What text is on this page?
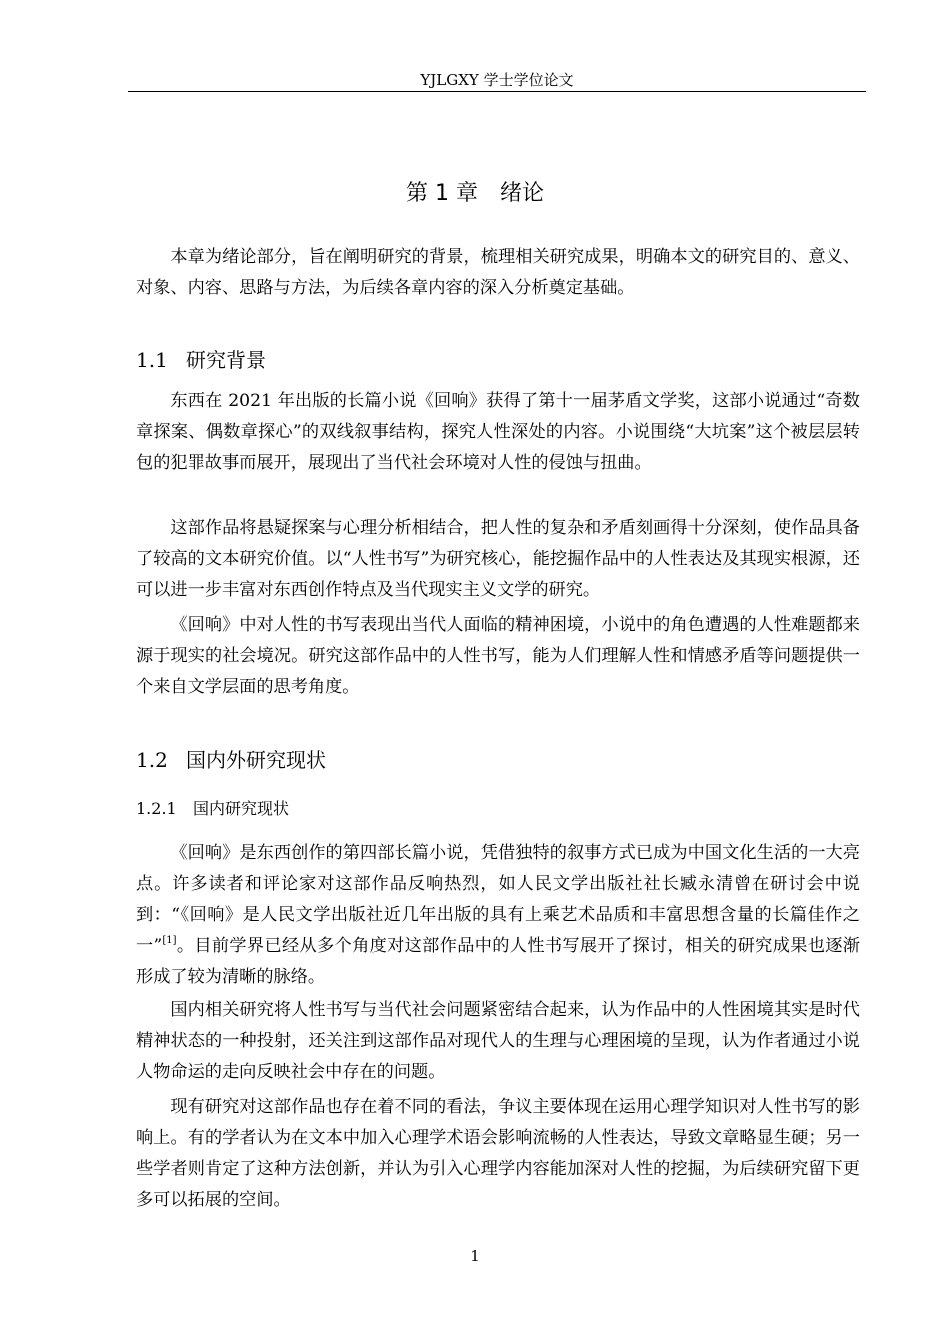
YJLGXY 学士学位论文
第 1 章 绪论

本章为绪论部分，旨在阐明研究的背景，梳理相关研究成果，明确本文的研究目的、意义、对象、内容、思路与方法，为后续各章内容的深入分析奠定基础。

1.1 研究背景

东西在 2021 年出版的长篇小说《回响》获得了第十一届茅盾文学奖，这部小说通过“奇数章探案、偶数章探心”的双线叙事结构，探究人性深处的内容。小说围绕“大坑案”这个被层层转包的犯罪故事而展开，展现出了当代社会环境对人性的侵蚀与扭曲。

这部作品将悬疑探案与心理分析相结合，把人性的复杂和矛盾刻画得十分深刻，使作品具备了较高的文本研究价值。以“人性书写”为研究核心，能挖掘作品中的人性表达及其现实根源，还可以进一步丰富对东西创作特点及当代现实主义文学的研究。

《回响》中对人性的书写表现出当代人面临的精神困境，小说中的角色遭遇的人性难题都来源于现实的社会境况。研究这部作品中的人性书写，能为人们理解人性和情感矛盾等问题提供一个来自文学层面的思考角度。

1.2 国内外研究现状
1.2.1 国内研究现状

《回响》是东西创作的第四部长篇小说，凭借独特的叙事方式已成为中国文化生活的一大亮点。许多读者和评论家对这部作品反响热烈，如人民文学出版社社长臧永清曾在研讨会中说到：“《回响》是人民文学出版社近几年出版的具有上乘艺术品质和丰富思想含量的长篇佳作之一”[1]。目前学界已经从多个角度对这部作品中的人性书写展开了探讨，相关的研究成果也逐渐形成了较为清晰的脉络。

国内相关研究将人性书写与当代社会问题紧密结合起来，认为作品中的人性困境其实是时代精神状态的一种投射，还关注到这部作品对现代人的生理与心理困境的呈现，认为作者通过小说人物命运的走向反映社会中存在的问题。

现有研究对这部作品也存在着不同的看法，争议主要体现在运用心理学知识对人性书写的影响上。有的学者认为在文本中加入心理学术语会影响流畅的人性表达，导致文章略显生硬；另一些学者则肯定了这种方法创新，并认为引入心理学内容能加深对人性的挖掘，为后续研究留下更多可以拓展的空间。

1
